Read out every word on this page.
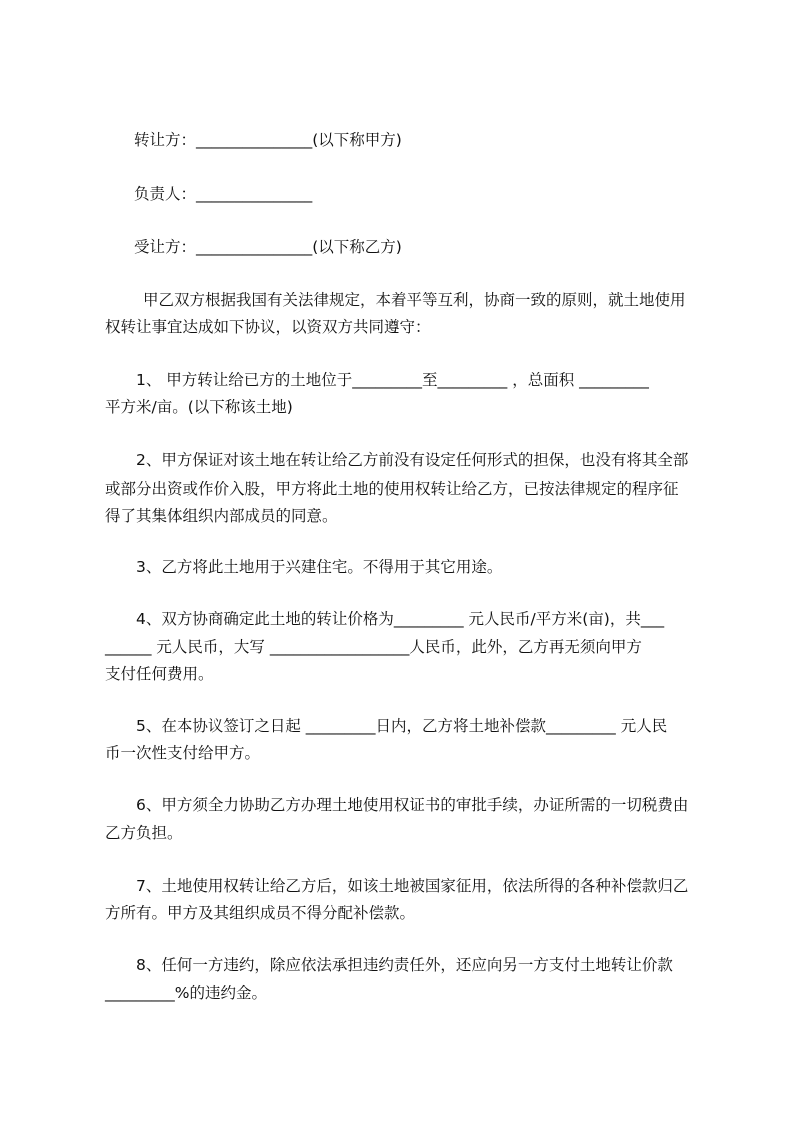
转让方：_______________(以下称甲方)
负责人：_______________
受让方：_______________(以下称乙方)
甲乙双方根据我国有关法律规定，本着平等互利，协商一致的原则，就土地使用
权转让事宜达成如下协议，以资双方共同遵守：
1、 甲方转让给已方的土地位于_________至_________ ，总面积 _________
平方米/亩。(以下称该土地)
2、甲方保证对该土地在转让给乙方前没有设定任何形式的担保，也没有将其全部
或部分出资或作价入股，甲方将此土地的使用权转让给乙方，已按法律规定的程序征
得了其集体组织内部成员的同意。
3、乙方将此土地用于兴建住宅。不得用于其它用途。
4、双方协商确定此土地的转让价格为_________ 元人民币/平方米(亩)，共___
______ 元人民币，大写 __________________人民币，此外，乙方再无须向甲方
支付任何费用。
5、在本协议签订之日起 _________日内，乙方将土地补偿款_________ 元人民
币一次性支付给甲方。
6、甲方须全力协助乙方办理土地使用权证书的审批手续，办证所需的一切税费由
乙方负担。
7、土地使用权转让给乙方后，如该土地被国家征用，依法所得的各种补偿款归乙
方所有。甲方及其组织成员不得分配补偿款。
8、任何一方违约，除应依法承担违约责任外，还应向另一方支付土地转让价款
_________%的违约金。
